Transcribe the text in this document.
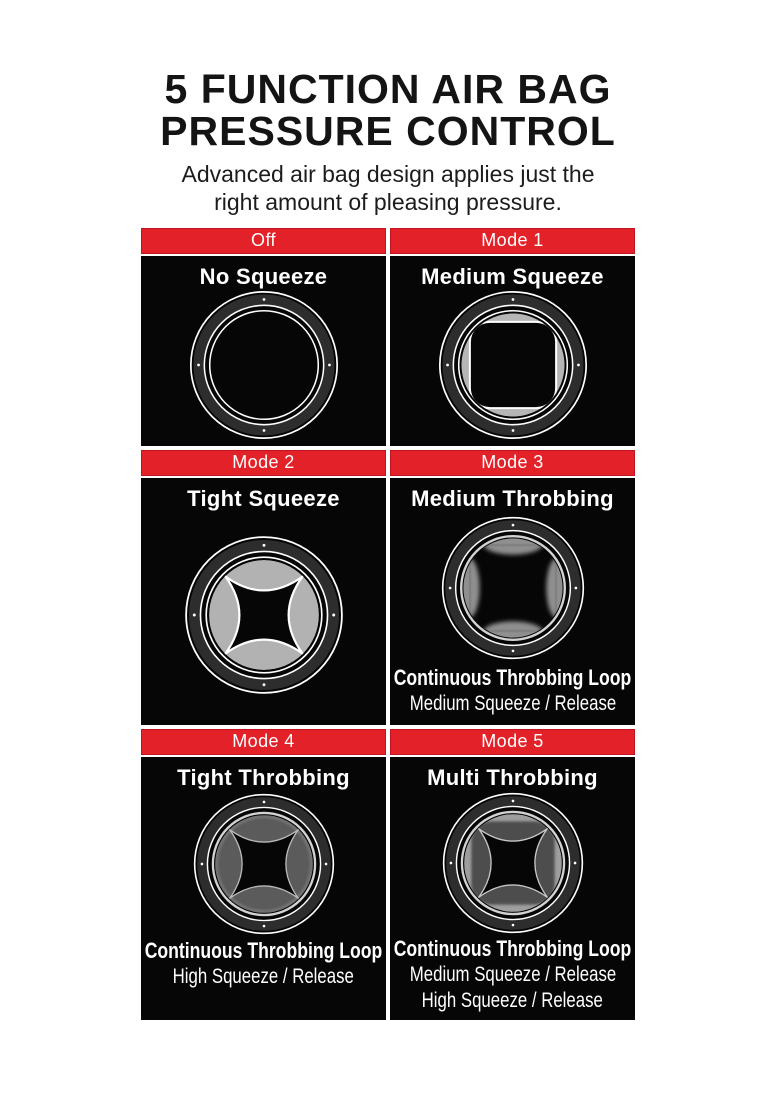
5 FUNCTION AIR BAG
PRESSURE CONTROL
Advanced air bag design applies just the
right amount of pleasing pressure.
Off
No Squeeze
Mode 1
Medium Squeeze
Mode 2
Tight Squeeze
Mode 3
Medium Throbbing
Continuous Throbbing Loop
Medium Squeeze / Release
Mode 4
Tight Throbbing
Continuous Throbbing Loop
High Squeeze / Release
Mode 5
Multi Throbbing
Continuous Throbbing Loop
Medium Squeeze / Release
High Squeeze / Release
